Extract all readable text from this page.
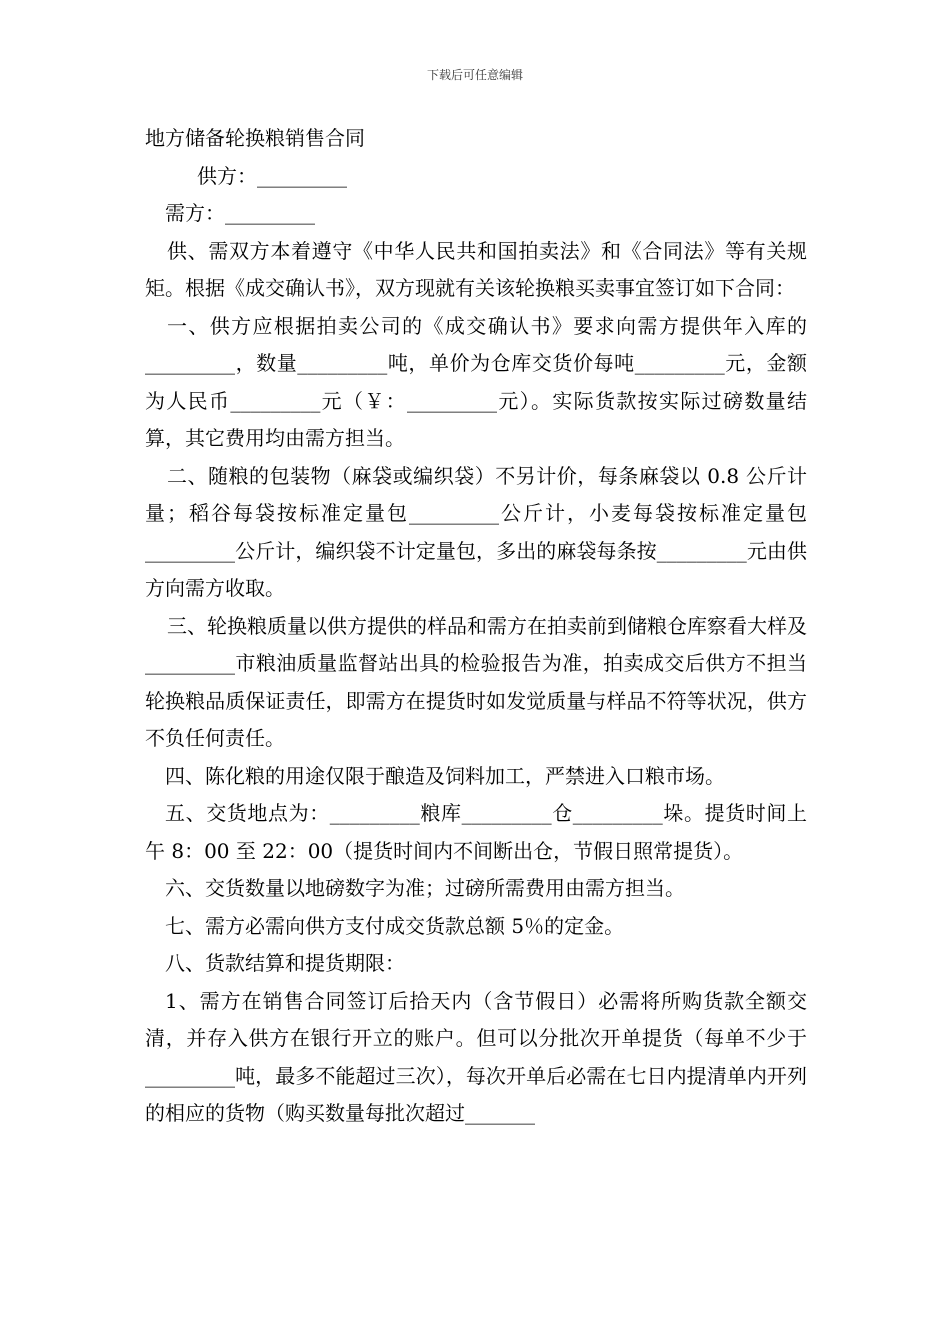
下载后可任意编辑

地方储备轮换粮销售合同

供方：_________

需方：_________

供、需双方本着遵守《中华人民共和国拍卖法》和《合同法》等有关规矩。根据《成交确认书》，双方现就有关该轮换粮买卖事宜签订如下合同：

一、供方应根据拍卖公司的《成交确认书》要求向需方提供年入库的_________，数量_________吨，单价为仓库交货价每吨_________元，金额为人民币_________元（￥：_________元）。实际货款按实际过磅数量结算，其它费用均由需方担当。

二、随粮的包装物（麻袋或编织袋）不另计价，每条麻袋以 0.8 公斤计量；稻谷每袋按标准定量包_________公斤计，小麦每袋按标准定量包_________公斤计，编织袋不计定量包，多出的麻袋每条按_________元由供方向需方收取。

三、轮换粮质量以供方提供的样品和需方在拍卖前到储粮仓库察看大样及_________市粮油质量监督站出具的检验报告为准，拍卖成交后供方不担当轮换粮品质保证责任，即需方在提货时如发觉质量与样品不符等状况，供方不负任何责任。

四、陈化粮的用途仅限于酿造及饲料加工，严禁进入口粮市场。

五、交货地点为：_________粮库_________仓_________垛。提货时间上午 8：00 至 22：00（提货时间内不间断出仓，节假日照常提货）。

六、交货数量以地磅数字为准；过磅所需费用由需方担当。

七、需方必需向供方支付成交货款总额 5％的定金。

八、货款结算和提货期限：

1、需方在销售合同签订后拾天内（含节假日）必需将所购货款全额交清，并存入供方在银行开立的账户。但可以分批次开单提货（每单不少于_________吨，最多不能超过三次），每次开单后必需在七日内提清单内开列的相应的货物（购买数量每批次超过_______
